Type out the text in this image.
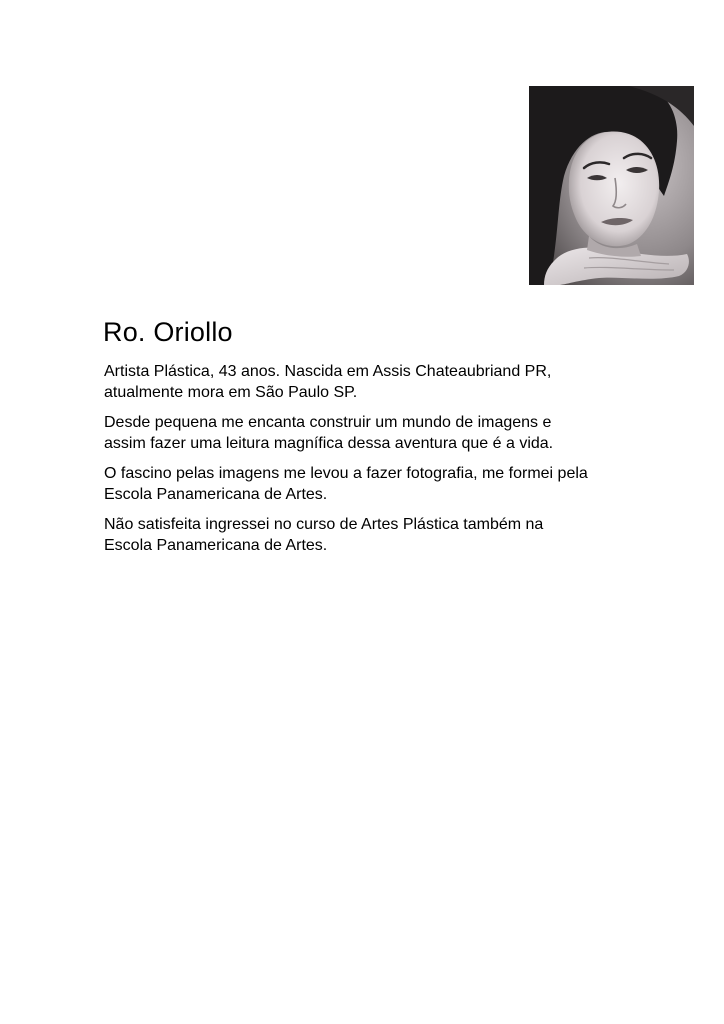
Ro. Oriollo

Artista Plástica, 43 anos. Nascida em Assis Chateaubriand PR,
atualmente mora em São Paulo SP.

Desde pequena me encanta construir um mundo de imagens e
assim fazer uma leitura magnífica dessa aventura que é a vida.

O fascino pelas imagens me levou a fazer fotografia, me formei pela
Escola Panamericana de Artes.

Não satisfeita ingressei no curso de Artes Plástica também na
Escola Panamericana de Artes.
